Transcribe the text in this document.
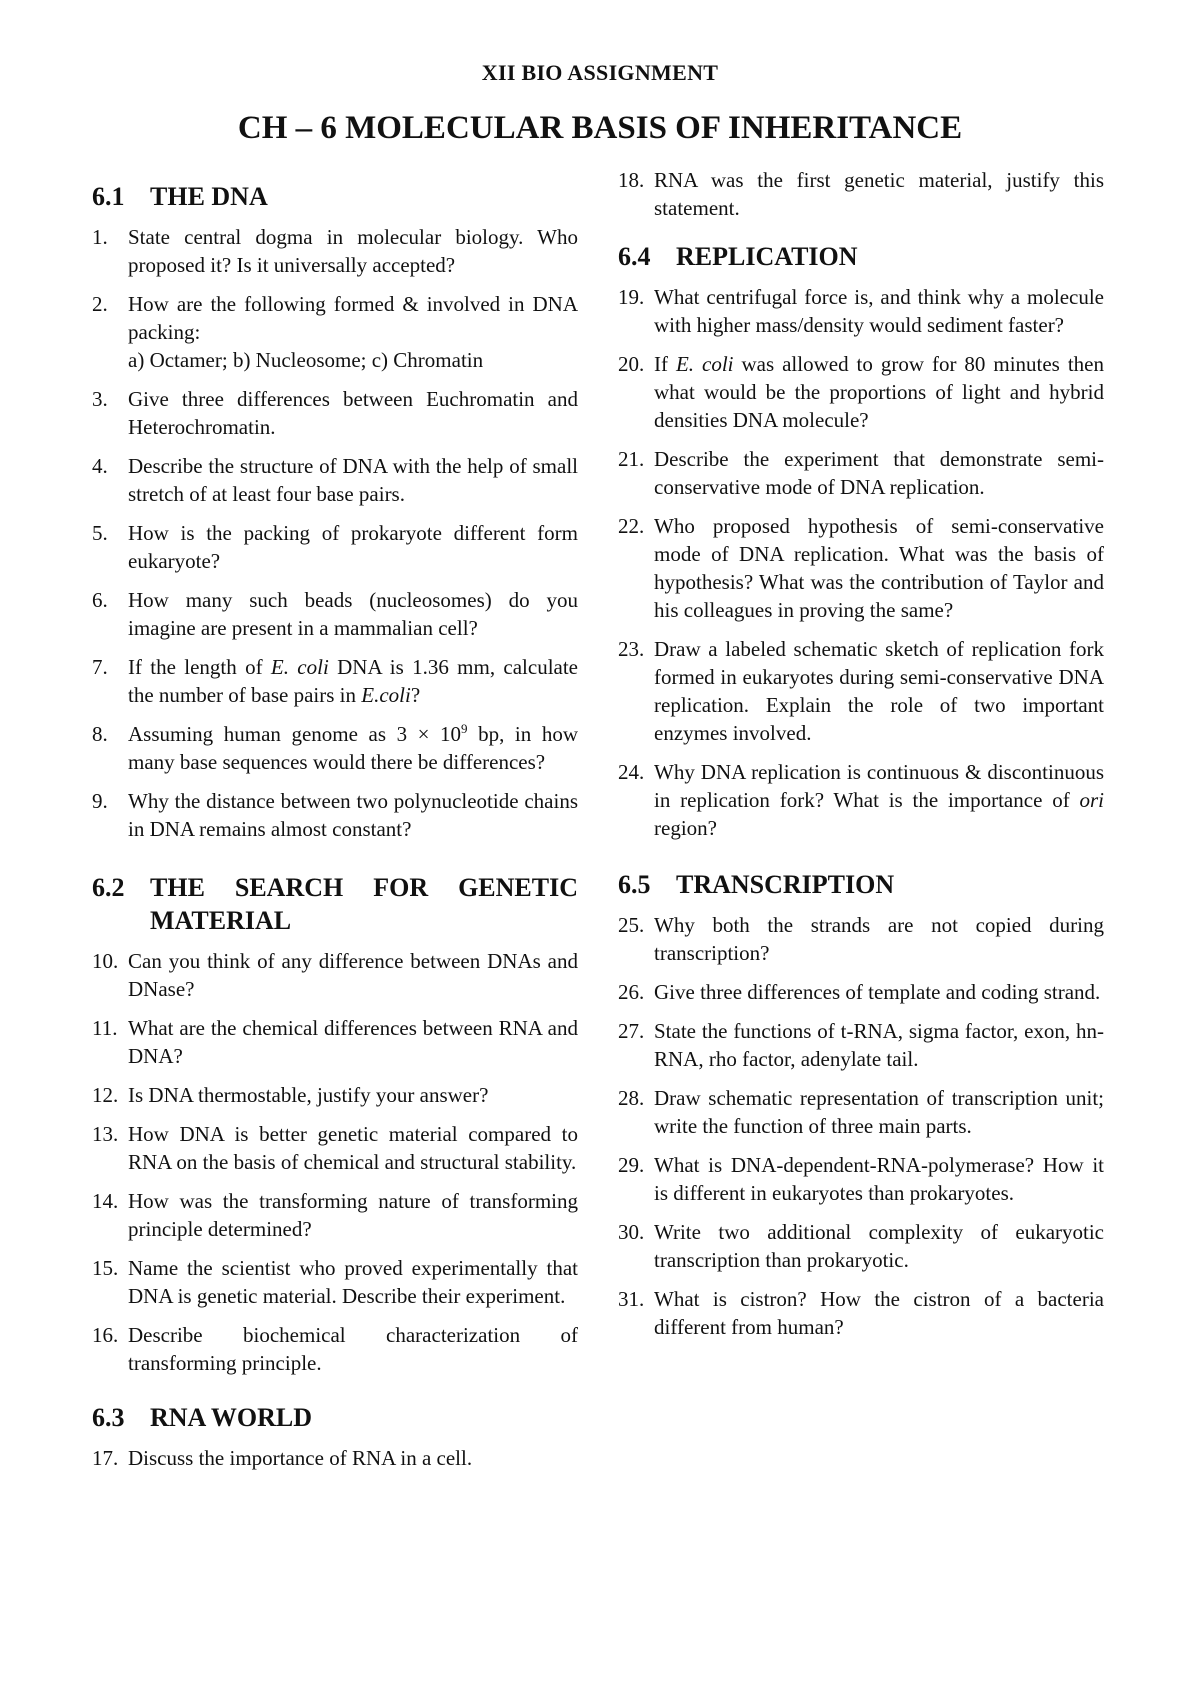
XII BIO ASSIGNMENT
CH – 6 MOLECULAR BASIS OF INHERITANCE
6.1 THE DNA
1. State central dogma in molecular biology. Who proposed it? Is it universally accepted?
2. How are the following formed & involved in DNA packing:
a) Octamer; b) Nucleosome; c) Chromatin
3. Give three differences between Euchromatin and Heterochromatin.
4. Describe the structure of DNA with the help of small stretch of at least four base pairs.
5. How is the packing of prokaryote different form eukaryote?
6. How many such beads (nucleosomes) do you imagine are present in a mammalian cell?
7. If the length of E. coli DNA is 1.36 mm, calculate the number of base pairs in E.coli?
8. Assuming human genome as $3 \times 10^9$ bp, in how many base sequences would there be differences?
9. Why the distance between two polynucleotide chains in DNA remains almost constant?
6.2 THE SEARCH FOR GENETIC MATERIAL
10. Can you think of any difference between DNAs and DNase?
11. What are the chemical differences between RNA and DNA?
12. Is DNA thermostable, justify your answer?
13. How DNA is better genetic material compared to RNA on the basis of chemical and structural stability.
14. How was the transforming nature of transforming principle determined?
15. Name the scientist who proved experimentally that DNA is genetic material. Describe their experiment.
16. Describe biochemical characterization of transforming principle.
6.3 RNA WORLD
17. Discuss the importance of RNA in a cell.
18. RNA was the first genetic material, justify this statement.
6.4 REPLICATION
19. What centrifugal force is, and think why a molecule with higher mass/density would sediment faster?
20. If E. coli was allowed to grow for 80 minutes then what would be the proportions of light and hybrid densities DNA molecule?
21. Describe the experiment that demonstrate semi-conservative mode of DNA replication.
22. Who proposed hypothesis of semi-conservative mode of DNA replication. What was the basis of hypothesis? What was the contribution of Taylor and his colleagues in proving the same?
23. Draw a labeled schematic sketch of replication fork formed in eukaryotes during semi-conservative DNA replication. Explain the role of two important enzymes involved.
24. Why DNA replication is continuous & discontinuous in replication fork? What is the importance of ori region?
6.5 TRANSCRIPTION
25. Why both the strands are not copied during transcription?
26. Give three differences of template and coding strand.
27. State the functions of t-RNA, sigma factor, exon, hn-RNA, rho factor, adenylate tail.
28. Draw schematic representation of transcription unit; write the function of three main parts.
29. What is DNA-dependent-RNA-polymerase? How it is different in eukaryotes than prokaryotes.
30. Write two additional complexity of eukaryotic transcription than prokaryotic.
31. What is cistron? How the cistron of a bacteria different from human?
